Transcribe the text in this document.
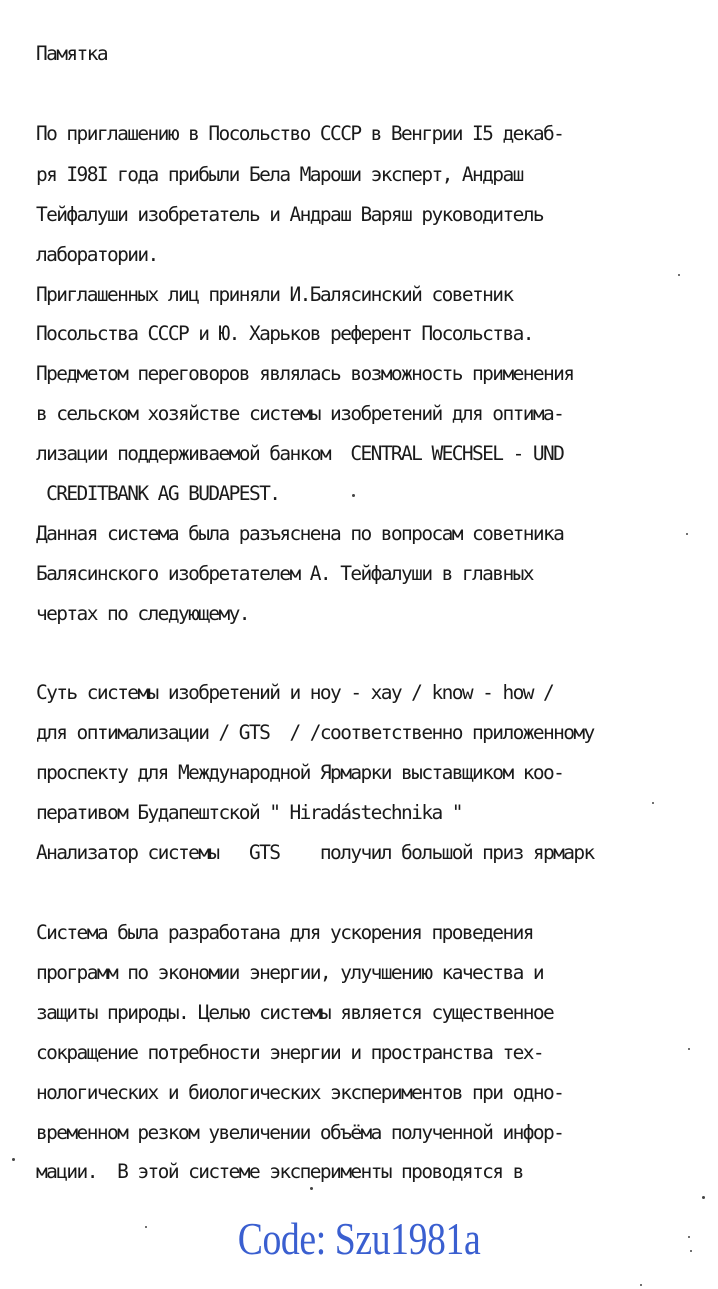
Памятка
По приглашению в Посольство СССР в Венгрии I5 декаб-
ря I98I года прибыли Бела Мароши эксперт, Андраш
Тейфалуши изобретатель и Андраш Варяш руководитель
лаборатории.
Приглашенных лиц приняли И.Балясинский советник
Посольства СССР и Ю. Харьков референт Посольства.
Предметом переговоров являлась возможность применения
в сельском хозяйстве системы изобретений для оптима-
лизации поддерживаемой банком  CENTRAL WECHSEL - UND
CREDITBANK AG BUDAPEST.
Данная система была разъяснена по вопросам советника
Балясинского изобретателем А. Тейфалуши в главных
чертах по следующему.
Суть системы изобретений и ноу - хау / know - how /
для оптимализации / GTS  / /соответственно приложенному
проспекту для Международной Ярмарки выставщиком коо-
перативом Будапештской " Hiradástechnika "
Анализатор системы   GTS    получил большой приз ярмарк
Система была разработана для ускорения проведения
программ по экономии энергии, улучшению качества и
защиты природы. Целью системы является существенное
сокращение потребности энергии и пространства тех-
нологических и биологических экспериментов при одно-
временном резком увеличении объёма полученной инфор-
мации.  В этой системе эксперименты проводятся в
Code: Szu1981a
